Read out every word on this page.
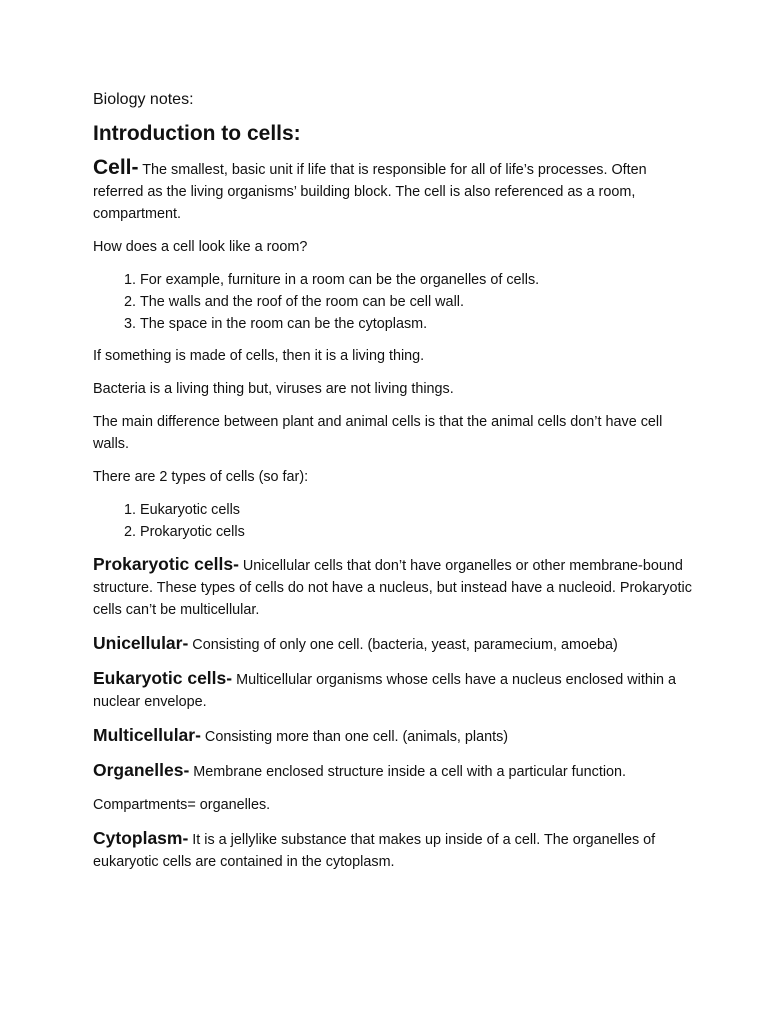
Biology notes:
Introduction to cells:

Cell- The smallest, basic unit if life that is responsible for all of life’s processes. Often referred as the living organisms’ building block. The cell is also referenced as a room, compartment.

How does a cell look like a room?

1. For example, furniture in a room can be the organelles of cells.
2. The walls and the roof of the room can be cell wall.
3. The space in the room can be the cytoplasm.

If something is made of cells, then it is a living thing.

Bacteria is a living thing but, viruses are not living things.

The main difference between plant and animal cells is that the animal cells don’t have cell walls.

There are 2 types of cells (so far):

1. Eukaryotic cells
2. Prokaryotic cells

Prokaryotic cells- Unicellular cells that don’t have organelles or other membrane-bound structure. These types of cells do not have a nucleus, but instead have a nucleoid. Prokaryotic cells can’t be multicellular.

Unicellular- Consisting of only one cell. (bacteria, yeast, paramecium, amoeba)

Eukaryotic cells- Multicellular organisms whose cells have a nucleus enclosed within a nuclear envelope.

Multicellular- Consisting more than one cell. (animals, plants)

Organelles- Membrane enclosed structure inside a cell with a particular function.

Compartments= organelles.

Cytoplasm- It is a jellylike substance that makes up inside of a cell. The organelles of eukaryotic cells are contained in the cytoplasm.
